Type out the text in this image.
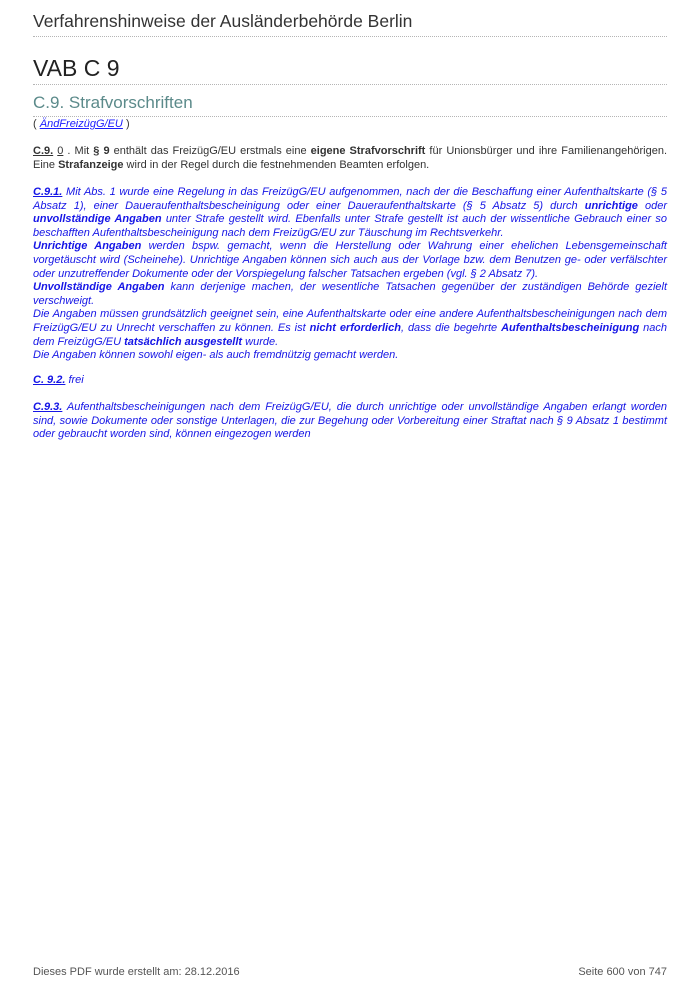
Verfahrenshinweise der Ausländerbehörde Berlin
VAB C 9
C.9. Strafvorschriften
( ÄndFreizügG/EU )
C.9. 0 . Mit § 9 enthält das FreizügG/EU erstmals eine eigene Strafvorschrift für Unionsbürger und ihre Familienangehörigen. Eine Strafanzeige wird in der Regel durch die festnehmenden Beamten erfolgen.

C.9.1. Mit Abs. 1 wurde eine Regelung in das FreizügG/EU aufgenommen, nach der die Beschaffung einer Aufenthaltskarte (§ 5 Absatz 1), einer Daueraufenthaltsbescheinigung oder einer Daueraufenthaltskarte (§ 5 Absatz 5) durch unrichtige oder unvollständige Angaben unter Strafe gestellt wird. Ebenfalls unter Strafe gestellt ist auch der wissentliche Gebrauch einer so beschafften Aufenthaltsbescheinigung nach dem FreizügG/EU zur Täuschung im Rechtsverkehr.

Unrichtige Angaben werden bspw. gemacht, wenn die Herstellung oder Wahrung einer ehelichen Lebensgemeinschaft vorgetäuscht wird (Scheinehe). Unrichtige Angaben können sich auch aus der Vorlage bzw. dem Benutzen ge- oder verfälschter oder unzutreffender Dokumente oder der Vorspiegelung falscher Tatsachen ergeben (vgl. § 2 Absatz 7).

Unvollständige Angaben kann derjenige machen, der wesentliche Tatsachen gegenüber der zuständigen Behörde gezielt verschweigt.

Die Angaben müssen grundsätzlich geeignet sein, eine Aufenthaltskarte oder eine andere Aufenthaltsbescheinigungen nach dem FreizügG/EU zu Unrecht verschaffen zu können. Es ist nicht erforderlich, dass die begehrte Aufenthaltsbescheinigung nach dem FreizügG/EU tatsächlich ausgestellt wurde.

Die Angaben können sowohl eigen- als auch fremdnützig gemacht werden.

C. 9.2. frei
C.9.3. Aufenthaltsbescheinigungen nach dem FreizügG/EU, die durch unrichtige oder unvollständige Angaben erlangt worden sind, sowie Dokumente oder sonstige Unterlagen, die zur Begehung oder Vorbereitung einer Straftat nach § 9 Absatz 1 bestimmt oder gebraucht worden sind, können eingezogen werden
Dieses PDF wurde erstellt am: 28.12.2016	Seite 600 von 747
